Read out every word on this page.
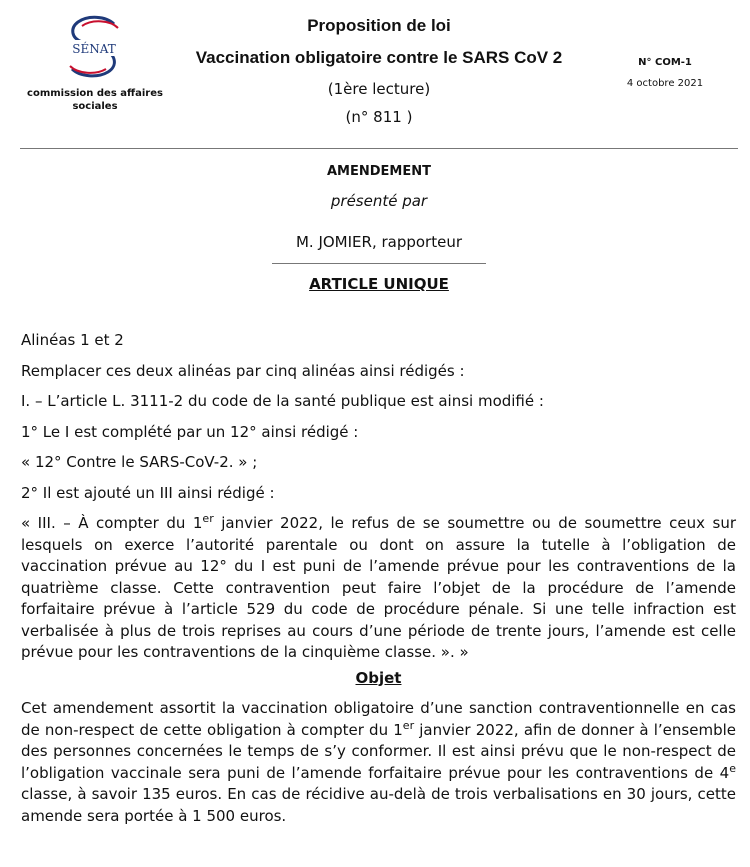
SÉNAT
commission des affaires sociales
Proposition de loi
Vaccination obligatoire contre le SARS CoV 2
(1ère lecture)
(n° 811 )
N° COM-1
4 octobre 2021
AMENDEMENT
présenté par
M. JOMIER, rapporteur
ARTICLE UNIQUE

Alinéas 1 et 2

Remplacer ces deux alinéas par cinq alinéas ainsi rédigés :

I. – L’article L. 3111-2 du code de la santé publique est ainsi modifié :

1° Le I est complété par un 12° ainsi rédigé :

« 12° Contre le SARS-CoV-2. » ;

2° Il est ajouté un III ainsi rédigé :

« III. – À compter du 1er janvier 2022, le refus de se soumettre ou de soumettre ceux sur lesquels on exerce l’autorité parentale ou dont on assure la tutelle à l’obligation de vaccination prévue au 12° du I est puni de l’amende prévue pour les contraventions de la quatrième classe. Cette contravention peut faire l’objet de la procédure de l’amende forfaitaire prévue à l’article 529 du code de procédure pénale. Si une telle infraction est verbalisée à plus de trois reprises au cours d’une période de trente jours, l’amende est celle prévue pour les contraventions de la cinquième classe. ». »

Objet

Cet amendement assortit la vaccination obligatoire d’une sanction contraventionnelle en cas de non-respect de cette obligation à compter du 1er janvier 2022, afin de donner à l’ensemble des personnes concernées le temps de s’y conformer. Il est ainsi prévu que le non-respect de l’obligation vaccinale sera puni de l’amende forfaitaire prévue pour les contraventions de 4e classe, à savoir 135 euros. En cas de récidive au-delà de trois verbalisations en 30 jours, cette amende sera portée à 1 500 euros.
